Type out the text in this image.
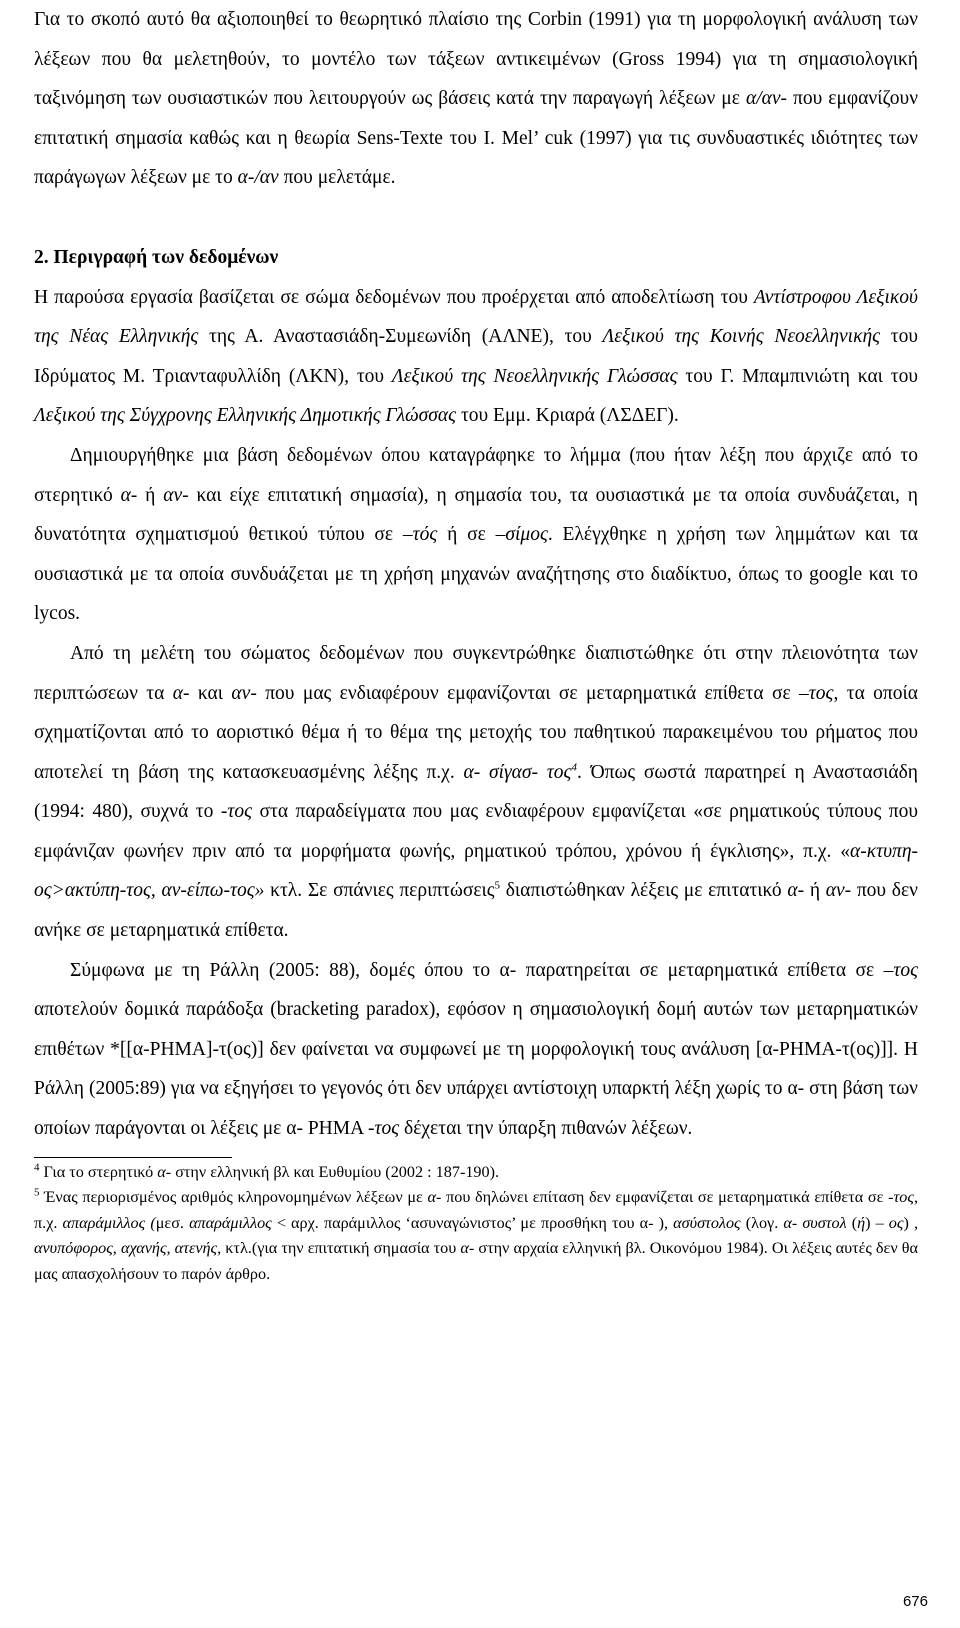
Για το σκοπό αυτό θα αξιοποιηθεί το θεωρητικό πλαίσιο της Corbin (1991) για τη μορφολογική ανάλυση των λέξεων που θα μελετηθούν, το μοντέλο των τάξεων αντικειμένων (Gross 1994) για τη σημασιολογική ταξινόμηση των ουσιαστικών που λειτουργούν ως βάσεις κατά την παραγωγή λέξεων με α/αν- που εμφανίζουν επιτατική σημασία καθώς και η θεωρία Sens-Texte του I. Mel’ cuk (1997) για τις συνδυαστικές ιδιότητες των παράγωγων λέξεων με το α-/αν που μελετάμε.

2. Περιγραφή των δεδομένων

Η παρούσα εργασία βασίζεται σε σώμα δεδομένων που προέρχεται από αποδελτίωση του Αντίστροφου Λεξικού της Νέας Ελληνικής της Α. Αναστασιάδη-Συμεωνίδη (ΑΛΝΕ), του Λεξικού της Κοινής Νεοελληνικής του Ιδρύματος Μ. Τριανταφυλλίδη (ΛΚΝ), του Λεξικού της Νεοελληνικής Γλώσσας του Γ. Μπαμπινιώτη και του Λεξικού της Σύγχρονης Ελληνικής Δημοτικής Γλώσσας του Εμμ. Κριαρά (ΛΣΔΕΓ).

Δημιουργήθηκε μια βάση δεδομένων όπου καταγράφηκε το λήμμα (που ήταν λέξη που άρχιζε από το στερητικό α- ή αν- και είχε επιτατική σημασία), η σημασία του, τα ουσιαστικά με τα οποία συνδυάζεται, η δυνατότητα σχηματισμού θετικού τύπου σε –τός ή σε –σίμος. Ελέγχθηκε η χρήση των λημμάτων και τα ουσιαστικά με τα οποία συνδυάζεται με τη χρήση μηχανών αναζήτησης στο διαδίκτυο, όπως το google και το lycos.

Από τη μελέτη του σώματος δεδομένων που συγκεντρώθηκε διαπιστώθηκε ότι στην πλειονότητα των περιπτώσεων τα α- και αν- που μας ενδιαφέρουν εμφανίζονται σε μεταρηματικά επίθετα σε –τος, τα οποία σχηματίζονται από το αοριστικό θέμα ή το θέμα της μετοχής του παθητικού παρακειμένου του ρήματος που αποτελεί τη βάση της κατασκευασμένης λέξης π.χ. α- σίγασ- τος$^4$. Όπως σωστά παρατηρεί η Αναστασιάδη (1994: 480), συχνά το -τος στα παραδείγματα που μας ενδιαφέρουν εμφανίζεται «σε ρηματικούς τύπους που εμφάνιζαν φωνήεν πριν από τα μορφήματα φωνής, ρηματικού τρόπου, χρόνου ή έγκλισης», π.χ. «α-κτυπη-ος>ακτύπη-τος, αν-είπω-τος» κτλ. Σε σπάνιες περιπτώσεις$^5$ διαπιστώθηκαν λέξεις με επιτατικό α- ή αν- που δεν ανήκε σε μεταρηματικά επίθετα.

Σύμφωνα με τη Ράλλη (2005: 88), δομές όπου το α- παρατηρείται σε μεταρηματικά επίθετα σε –τος αποτελούν δομικά παράδοξα (bracketing paradox), εφόσον η σημασιολογική δομή αυτών των μεταρηματικών επιθέτων *[[α-ΡΗΜΑ]-τ(ος)] δεν φαίνεται να συμφωνεί με τη μορφολογική τους ανάλυση [α-ΡΗΜΑ-τ(ος)]]. Η Ράλλη (2005:89) για να εξηγήσει το γεγονός ότι δεν υπάρχει αντίστοιχη υπαρκτή λέξη χωρίς το α- στη βάση των οποίων παράγονται οι λέξεις με α- ΡΗΜΑ -τος δέχεται την ύπαρξη πιθανών λέξεων.

$^4$ Για το στερητικό α- στην ελληνική βλ και Ευθυμίου (2002 : 187-190).

$^5$ Ένας περιορισμένος αριθμός κληρονομημένων λέξεων με α- που δηλώνει επίταση δεν εμφανίζεται σε μεταρηματικά επίθετα σε -τος, π.χ. απαράμιλλος (μεσ. απαράμιλλος < αρχ. παράμιλλος ‘ασυναγώνιστος’ με προσθήκη του α- ), ασύστολος (λογ. α- συστολ (ή) – ος) , ανυπόφορος, αχανής, ατενής, κτλ.(για την επιτατική σημασία του α- στην αρχαία ελληνική βλ. Οικονόμου 1984). Οι λέξεις αυτές δεν θα μας απασχολήσουν το παρόν άρθρο.

676
